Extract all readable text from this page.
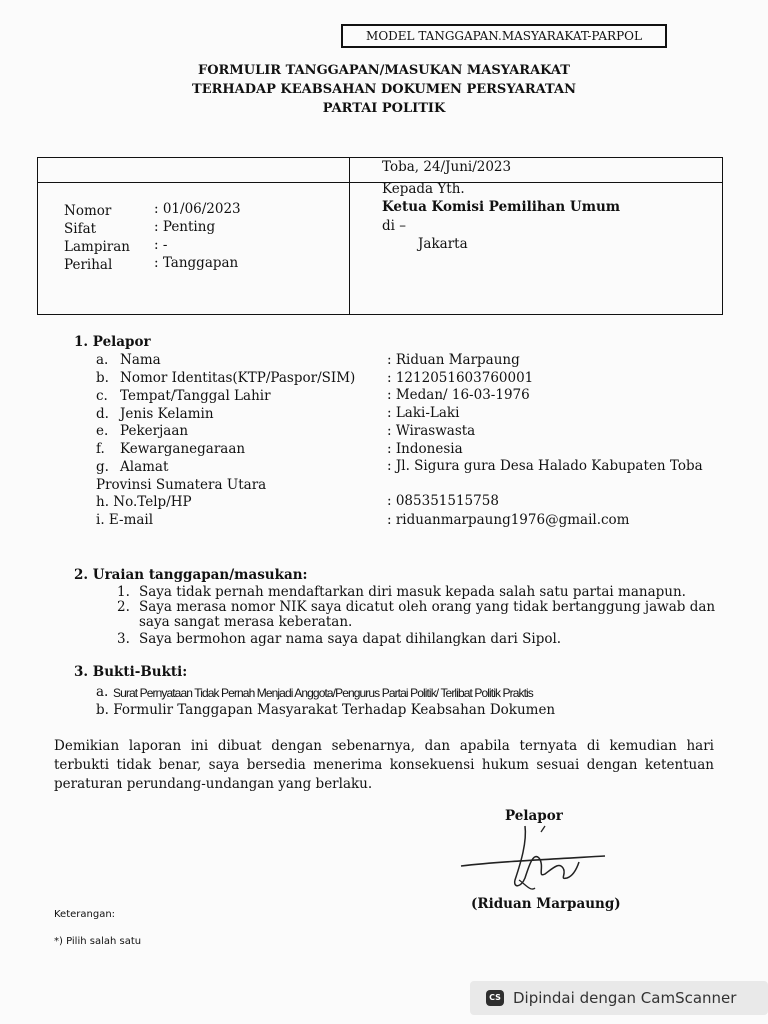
MODEL TANGGAPAN.MASYARAKAT-PARPOL
FORMULIR TANGGAPAN/MASUKAN MASYARAKAT
TERHADAP KEABSAHAN DOKUMEN PERSYARATAN
PARTAI POLITIK
Toba, 24/Juni/2023
Kepada Yth.
Ketua Komisi Pemilihan Umum
di –
Jakarta
Nomor	: 01/06/2023
Sifat	: Penting
Lampiran : -
Perihal	: Tanggapan
1. Pelapor
a. Nama	: Riduan Marpaung
b. Nomor Identitas(KTP/Paspor/SIM) : 1212051603760001
c. Tempat/Tanggal Lahir	: Medan/ 16-03-1976
d. Jenis Kelamin	: Laki-Laki
e. Pekerjaan	: Wiraswasta
f. Kewarganegaraan	: Indonesia
g. Alamat	: Jl. Sigura gura Desa Halado Kabupaten Toba
Provinsi Sumatera Utara
h. No.Telp/HP	: 085351515758
i. E-mail	: riduanmarpaung1976@gmail.com
2. Uraian tanggapan/masukan:
1. Saya tidak pernah mendaftarkan diri masuk kepada salah satu partai manapun.
2. Saya merasa nomor NIK saya dicatut oleh orang yang tidak bertanggung jawab dan
saya sangat merasa keberatan.
3. Saya bermohon agar nama saya dapat dihilangkan dari Sipol.
3. Bukti-Bukti:
a. Surat Pernyataan Tidak Pernah Menjadi Anggota/Pengurus Partai Politik/ Terlibat Politik Praktis
b. Formulir Tanggapan Masyarakat Terhadap Keabsahan Dokumen
Demikian laporan ini dibuat dengan sebenarnya, dan apabila ternyata di kemudian hari terbukti tidak benar, saya bersedia menerima konsekuensi hukum sesuai dengan ketentuan peraturan perundang-undangan yang berlaku.
Pelapor
(Riduan Marpaung)
Keterangan:
*) Pilih salah satu
CS Dipindai dengan CamScanner
